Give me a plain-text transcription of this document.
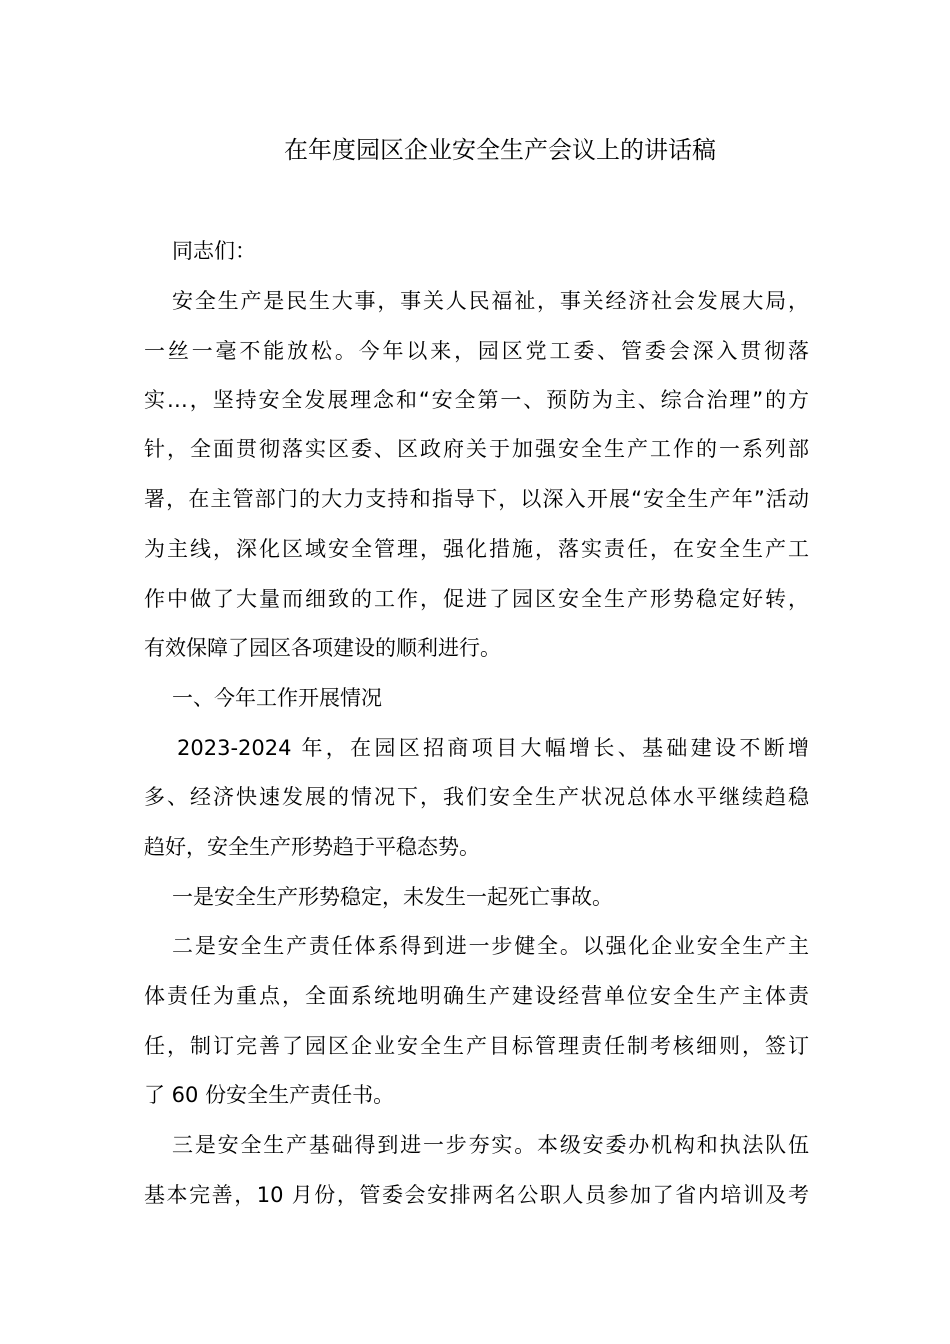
在年度园区企业安全生产会议上的讲话稿
同志们：
安全生产是民生大事，事关人民福祉，事关经济社会发展大局，
一丝一毫不能放松。今年以来，园区党工委、管委会深入贯彻落
实…，坚持安全发展理念和“安全第一、预防为主、综合治理”的方
针，全面贯彻落实区委、区政府关于加强安全生产工作的一系列部
署，在主管部门的大力支持和指导下，以深入开展“安全生产年”活动
为主线，深化区域安全管理，强化措施，落实责任，在安全生产工
作中做了大量而细致的工作，促进了园区安全生产形势稳定好转，
有效保障了园区各项建设的顺利进行。
一、今年工作开展情况
2023-2024 年，在园区招商项目大幅增长、基础建设不断增
多、经济快速发展的情况下，我们安全生产状况总体水平继续趋稳
趋好，安全生产形势趋于平稳态势。
一是安全生产形势稳定，未发生一起死亡事故。
二是安全生产责任体系得到进一步健全。以强化企业安全生产主
体责任为重点，全面系统地明确生产建设经营单位安全生产主体责
任，制订完善了园区企业安全生产目标管理责任制考核细则，签订
了 60 份安全生产责任书。
三是安全生产基础得到进一步夯实。本级安委办机构和执法队伍
基本完善，10 月份，管委会安排两名公职人员参加了省内培训及考
